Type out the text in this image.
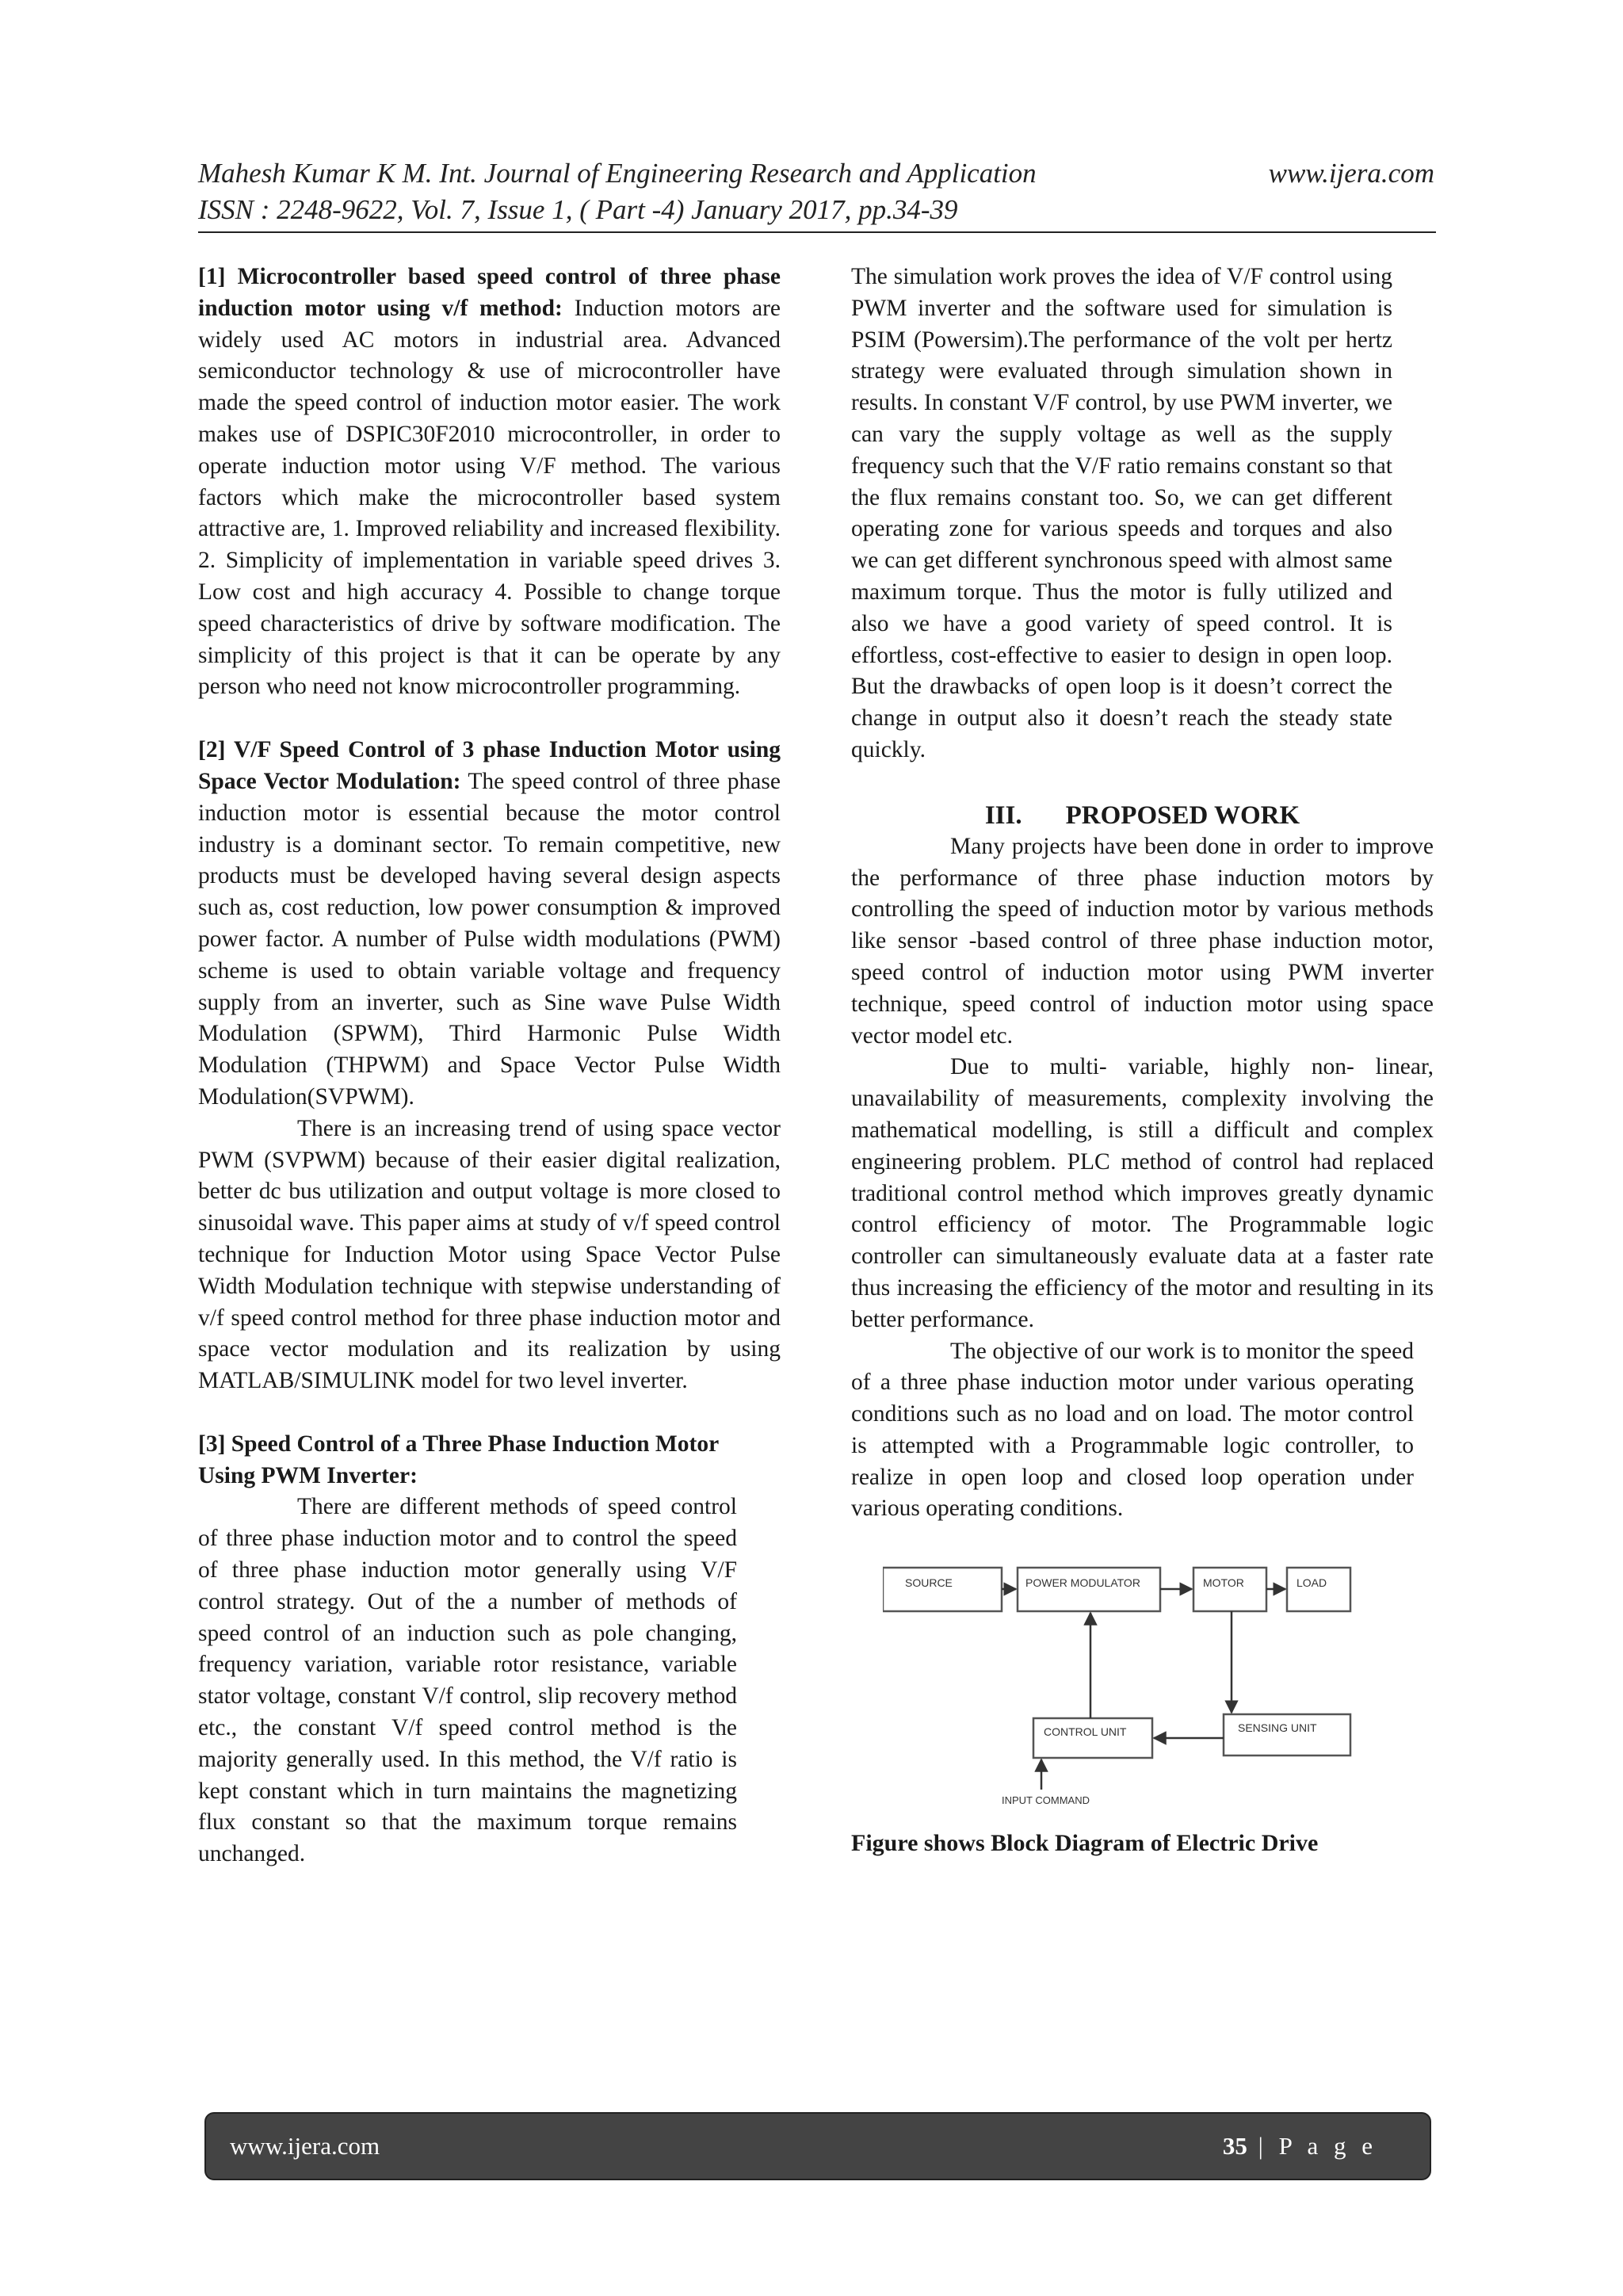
Mahesh Kumar K M. Int. Journal of Engineering Research and Application	www.ijera.com
ISSN : 2248-9622, Vol. 7, Issue 1, ( Part -4) January 2017, pp.34-39

[1] Microcontroller based speed control of three phase induction motor using v/f method: Induction motors are widely used AC motors in industrial area. Advanced semiconductor technology & use of microcontroller have made the speed control of induction motor easier. The work makes use of DSPIC30F2010 microcontroller, in order to operate induction motor using V/F method. The various factors which make the microcontroller based system attractive are, 1. Improved reliability and increased flexibility. 2. Simplicity of implementation in variable speed drives 3. Low cost and high accuracy 4. Possible to change torque speed characteristics of drive by software modification. The simplicity of this project is that it can be operate by any person who need not know microcontroller programming.

[2] V/F Speed Control of 3 phase Induction Motor using Space Vector Modulation: The speed control of three phase induction motor is essential because the motor control industry is a dominant sector. To remain competitive, new products must be developed having several design aspects such as, cost reduction, low power consumption & improved power factor. A number of Pulse width modulations (PWM) scheme is used to obtain variable voltage and frequency supply from an inverter, such as Sine wave Pulse Width Modulation (SPWM), Third Harmonic Pulse Width Modulation (THPWM) and Space Vector Pulse Width Modulation(SVPWM).

There is an increasing trend of using space vector PWM (SVPWM) because of their easier digital realization, better dc bus utilization and output voltage is more closed to sinusoidal wave. This paper aims at study of v/f speed control technique for Induction Motor using Space Vector Pulse Width Modulation technique with stepwise understanding of v/f speed control method for three phase induction motor and space vector modulation and its realization by using MATLAB/SIMULINK model for two level inverter.

[3] Speed Control of a Three Phase Induction Motor Using PWM Inverter:

There are different methods of speed control of three phase induction motor and to control the speed of three phase induction motor generally using V/F control strategy. Out of the a number of methods of speed control of an induction such as pole changing, frequency variation, variable rotor resistance, variable stator voltage, constant V/f control, slip recovery method etc., the constant V/f speed control method is the majority generally used. In this method, the V/f ratio is kept constant which in turn maintains the magnetizing flux constant so that the maximum torque remains unchanged.

The simulation work proves the idea of V/F control using PWM inverter and the software used for simulation is PSIM (Powersim).The performance of the volt per hertz strategy were evaluated through simulation shown in results. In constant V/F control, by use PWM inverter, we can vary the supply voltage as well as the supply frequency such that the V/F ratio remains constant so that the flux remains constant too. So, we can get different operating zone for various speeds and torques and also we can get different synchronous speed with almost same maximum torque. Thus the motor is fully utilized and also we have a good variety of speed control. It is effortless, cost-effective to easier to design in open loop. But the drawbacks of open loop is it doesn’t correct the change in output also it doesn’t reach the steady state quickly.

III. PROPOSED WORK

Many projects have been done in order to improve the performance of three phase induction motors by controlling the speed of induction motor by various methods like sensor -based control of three phase induction motor, speed control of induction motor using PWM inverter technique, speed control of induction motor using space vector model etc.

Due to multi- variable, highly non- linear, unavailability of measurements, complexity involving the mathematical modelling, is still a difficult and complex engineering problem. PLC method of control had replaced traditional control method which improves greatly dynamic control efficiency of motor. The Programmable logic controller can simultaneously evaluate data at a faster rate thus increasing the efficiency of the motor and resulting in its better performance.

The objective of our work is to monitor the speed of a three phase induction motor under various operating conditions such as no load and on load. The motor control is attempted with a Programmable logic controller, to realize in open loop and closed loop operation under various operating conditions.

SOURCE	POWER MODULATOR	MOTOR	LOAD
CONTROL UNIT	SENSING UNIT
INPUT COMMAND
Figure shows Block Diagram of Electric Drive
www.ijera.com	35 | P a g e
